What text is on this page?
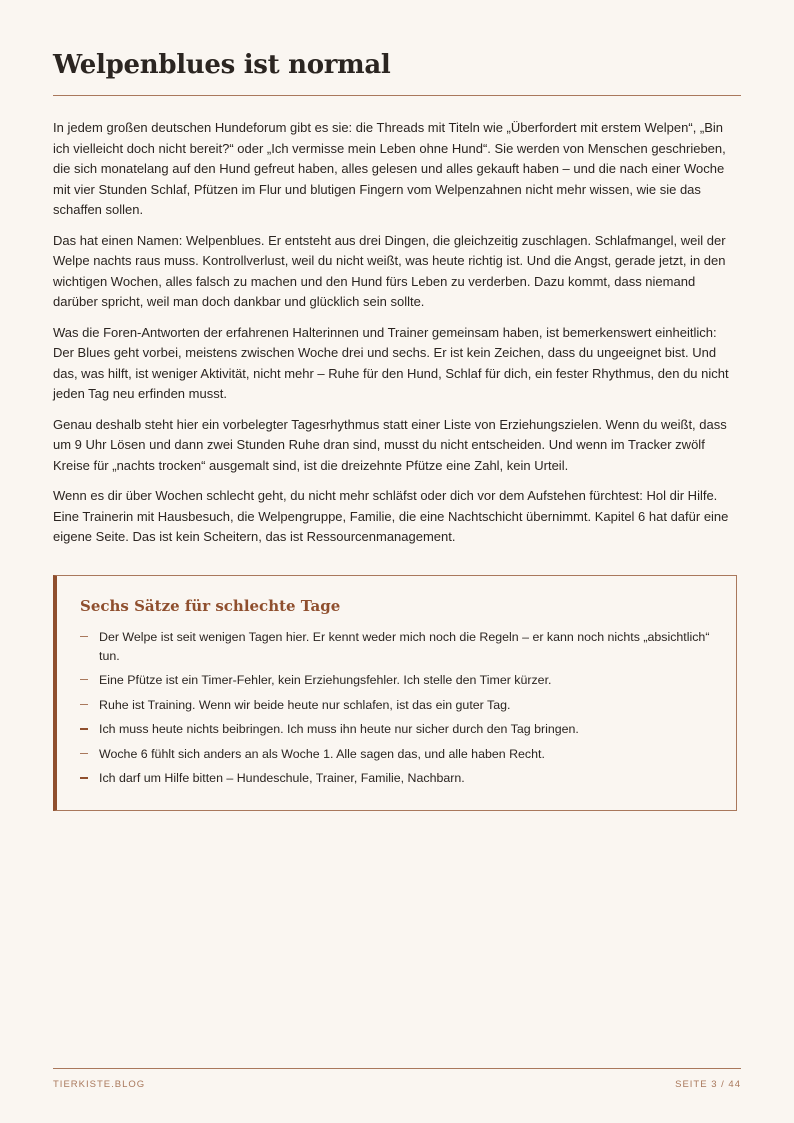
Welpenblues ist normal

In jedem großen deutschen Hundeforum gibt es sie: die Threads mit Titeln wie „Überfordert mit erstem Welpen“, „Bin ich vielleicht doch nicht bereit?“ oder „Ich vermisse mein Leben ohne Hund“. Sie werden von Menschen geschrieben, die sich monatelang auf den Hund gefreut haben, alles gelesen und alles gekauft haben – und die nach einer Woche mit vier Stunden Schlaf, Pfützen im Flur und blutigen Fingern vom Welpenzahnen nicht mehr wissen, wie sie das schaffen sollen.

Das hat einen Namen: Welpenblues. Er entsteht aus drei Dingen, die gleichzeitig zuschlagen. Schlafmangel, weil der Welpe nachts raus muss. Kontrollverlust, weil du nicht weißt, was heute richtig ist. Und die Angst, gerade jetzt, in den wichtigen Wochen, alles falsch zu machen und den Hund fürs Leben zu verderben. Dazu kommt, dass niemand darüber spricht, weil man doch dankbar und glücklich sein sollte.

Was die Foren-Antworten der erfahrenen Halterinnen und Trainer gemeinsam haben, ist bemerkenswert einheitlich: Der Blues geht vorbei, meistens zwischen Woche drei und sechs. Er ist kein Zeichen, dass du ungeeignet bist. Und das, was hilft, ist weniger Aktivität, nicht mehr – Ruhe für den Hund, Schlaf für dich, ein fester Rhythmus, den du nicht jeden Tag neu erfinden musst.

Genau deshalb steht hier ein vorbelegter Tagesrhythmus statt einer Liste von Erziehungszielen. Wenn du weißt, dass um 9 Uhr Lösen und dann zwei Stunden Ruhe dran sind, musst du nicht entscheiden. Und wenn im Tracker zwölf Kreise für „nachts trocken“ ausgemalt sind, ist die dreizehnte Pfütze eine Zahl, kein Urteil.

Wenn es dir über Wochen schlecht geht, du nicht mehr schläfst oder dich vor dem Aufstehen fürchtest: Hol dir Hilfe. Eine Trainerin mit Hausbesuch, die Welpengruppe, Familie, die eine Nachtschicht übernimmt. Kapitel 6 hat dafür eine eigene Seite. Das ist kein Scheitern, das ist Ressourcenmanagement.

Sechs Sätze für schlechte Tage
Der Welpe ist seit wenigen Tagen hier. Er kennt weder mich noch die Regeln – er kann noch nichts „absichtlich“ tun.
Eine Pfütze ist ein Timer-Fehler, kein Erziehungsfehler. Ich stelle den Timer kürzer.
Ruhe ist Training. Wenn wir beide heute nur schlafen, ist das ein guter Tag.
Ich muss heute nichts beibringen. Ich muss ihn heute nur sicher durch den Tag bringen.
Woche 6 fühlt sich anders an als Woche 1. Alle sagen das, und alle haben Recht.
Ich darf um Hilfe bitten – Hundeschule, Trainer, Familie, Nachbarn.
TIERKISTE.BLOG	SEITE 3 / 44
